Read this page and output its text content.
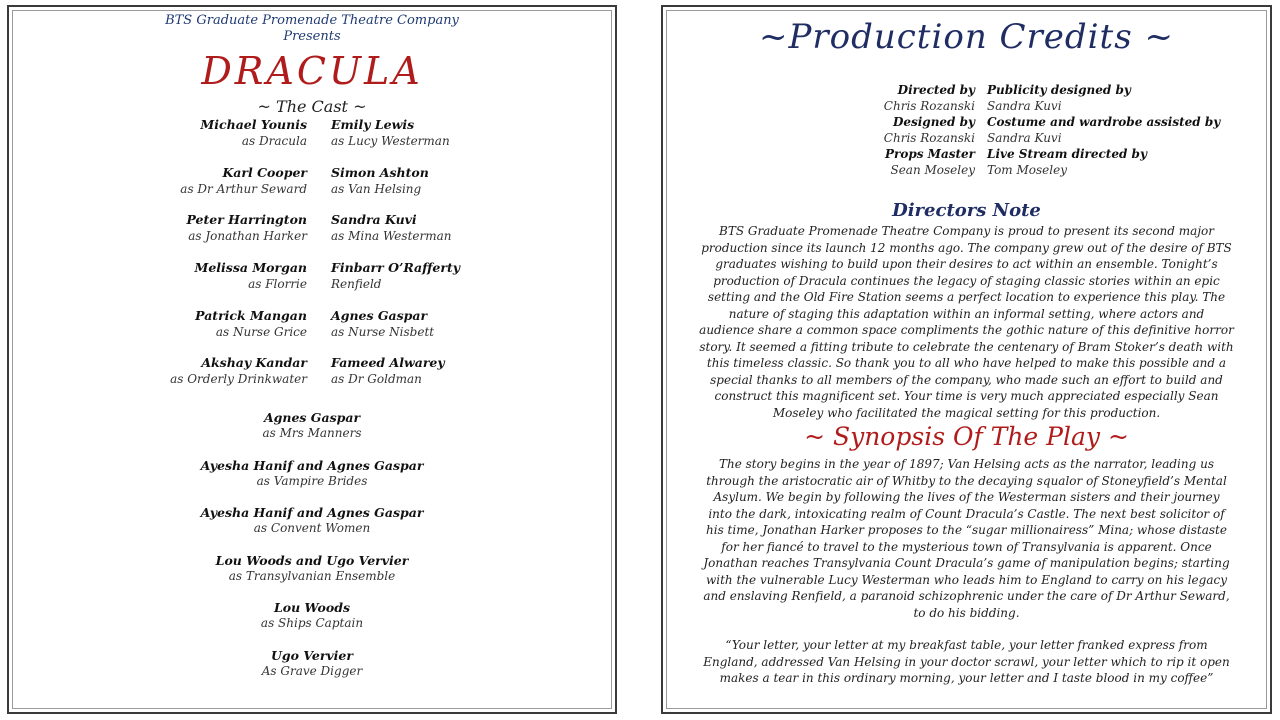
BTS Graduate Promenade Theatre Company
Presents
DRACULA
~ The Cast ~
Michael Younis
as Dracula
Emily Lewis
as Lucy Westerman
Karl Cooper
as Dr Arthur Seward
Simon Ashton
as Van Helsing
Peter Harrington
as Jonathan Harker
Sandra Kuvi
as Mina Westerman
Melissa Morgan
as Florrie
Finbarr O’Rafferty
Renfield
Patrick Mangan
as Nurse Grice
Agnes Gaspar
as Nurse Nisbett
Akshay Kandar
as Orderly Drinkwater
Fameed Alwarey
as Dr Goldman
Agnes Gaspar
as Mrs Manners
Ayesha Hanif and Agnes Gaspar
as Vampire Brides
Ayesha Hanif and Agnes Gaspar
as Convent Women
Lou Woods and Ugo Vervier
as Transylvanian Ensemble
Lou Woods
as Ships Captain
Ugo Vervier
As Grave Digger
~Production Credits ~
Directed by
Chris Rozanski
Publicity designed by
Sandra Kuvi
Designed by
Chris Rozanski
Costume and wardrobe assisted by
Sandra Kuvi
Props Master
Sean Moseley
Live Stream directed by
Tom Moseley
Directors Note
BTS Graduate Promenade Theatre Company is proud to present its second major
production since its launch 12 months ago. The company grew out of the desire of BTS
graduates wishing to build upon their desires to act within an ensemble. Tonight’s
production of Dracula continues the legacy of staging classic stories within an epic
setting and the Old Fire Station seems a perfect location to experience this play. The
nature of staging this adaptation within an informal setting, where actors and
audience share a common space compliments the gothic nature of this definitive horror
story. It seemed a fitting tribute to celebrate the centenary of Bram Stoker’s death with
this timeless classic. So thank you to all who have helped to make this possible and a
special thanks to all members of the company, who made such an effort to build and
construct this magnificent set. Your time is very much appreciated especially Sean
Moseley who facilitated the magical setting for this production.
~ Synopsis Of The Play ~
The story begins in the year of 1897; Van Helsing acts as the narrator, leading us
through the aristocratic air of Whitby to the decaying squalor of Stoneyfield’s Mental
Asylum. We begin by following the lives of the Westerman sisters and their journey
into the dark, intoxicating realm of Count Dracula’s Castle. The next best solicitor of
his time, Jonathan Harker proposes to the “sugar millionairess” Mina; whose distaste
for her fiancé to travel to the mysterious town of Transylvania is apparent. Once
Jonathan reaches Transylvania Count Dracula’s game of manipulation begins; starting
with the vulnerable Lucy Westerman who leads him to England to carry on his legacy
and enslaving Renfield, a paranoid schizophrenic under the care of Dr Arthur Seward,
to do his bidding.
“Your letter, your letter at my breakfast table, your letter franked express from
England, addressed Van Helsing in your doctor scrawl, your letter which to rip it open
makes a tear in this ordinary morning, your letter and I taste blood in my coffee”
